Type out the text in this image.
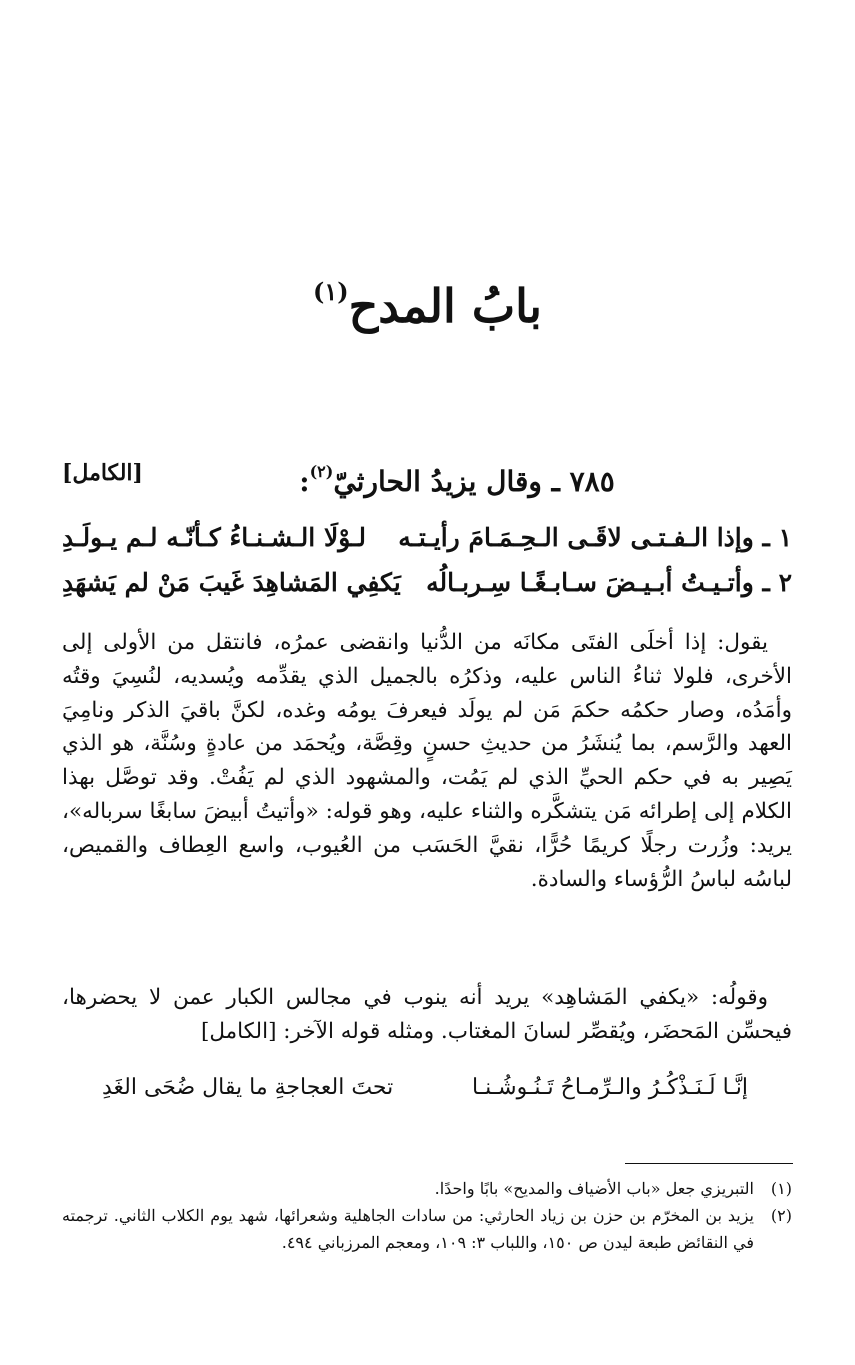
بابُ المدح$^{(١)}$
٧٨٥ ـ وقال يزيدُ الحارثيّ$^{(٢)}$:
[الكامل]
١ ـ وإذا الـفـتـى لاقَـى الـحِـمَـامَ رأيـتـه
لـوْلَا الـشـنـاءُ كـأنّـه لـم يـولَـدِ
٢ ـ وأتـيـتُ أبـيـضَ سـابـغًـا سِـربـالُه
يَكفِي المَشاهِدَ غَيبَ مَنْ لم يَشهَدِ

يقول: إذا أخلَى الفتَى مكانَه من الدُّنيا وانقضى عمرُه، فانتقل من الأولى إلى الأخرى، فلولا ثناءُ الناس عليه، وذكرُه بالجميل الذي يقدِّمه ويُسديه، لنُسِيَ وقتُه وأمَدُه، وصار حكمُه حكمَ مَن لم يولَد فيعرفَ يومُه وغده، لكنَّ باقيَ الذكر ونامِيَ العهد والرَّسم، بما يُنشَرُ من حديثِ حسنٍ وقِصَّة، ويُحمَد من عادةٍ وسُنَّة، هو الذي يَصِير به في حكم الحيِّ الذي لم يَمُت، والمشهود الذي لم يَفُتْ. وقد توصَّل بهذا الكلام إلى إطرائه مَن يتشكَّره والثناء عليه، وهو قوله: «وأتيتُ أبيضَ سابغًا سرباله»، يريد: وزُرت رجلًا كريمًا حُرًّا، نقيَّ الحَسَب من العُيوب، واسع العِطاف والقميص، لباسُه لباسُ الرُّؤساء والسادة.

وقولُه: «يكفي المَشاهِد» يريد أنه ينوب في مجالس الكبار عمن لا يحضرها، فيحسِّن المَحضَر، ويُقصِّر لسانَ المغتاب. ومثله قوله الآخر: [الكامل]

إنَّـا لَـنَـذْكُـرُ والـرِّمـاحُ تَـنُـوشُـنـا
تحتَ العجاجةِ ما يقال ضُحَى الغَدِ
(١)
التبريزي جعل «باب الأضياف والمديح» بابًا واحدًا.
(٢)
يزيد بن المخرّم بن حزن بن زياد الحارثي: من سادات الجاهلية وشعرائها، شهد يوم الكلاب الثاني. ترجمته في النقائض طبعة ليدن ص ١٥٠، واللباب ٣: ١٠٩، ومعجم المرزباني ٤٩٤.
